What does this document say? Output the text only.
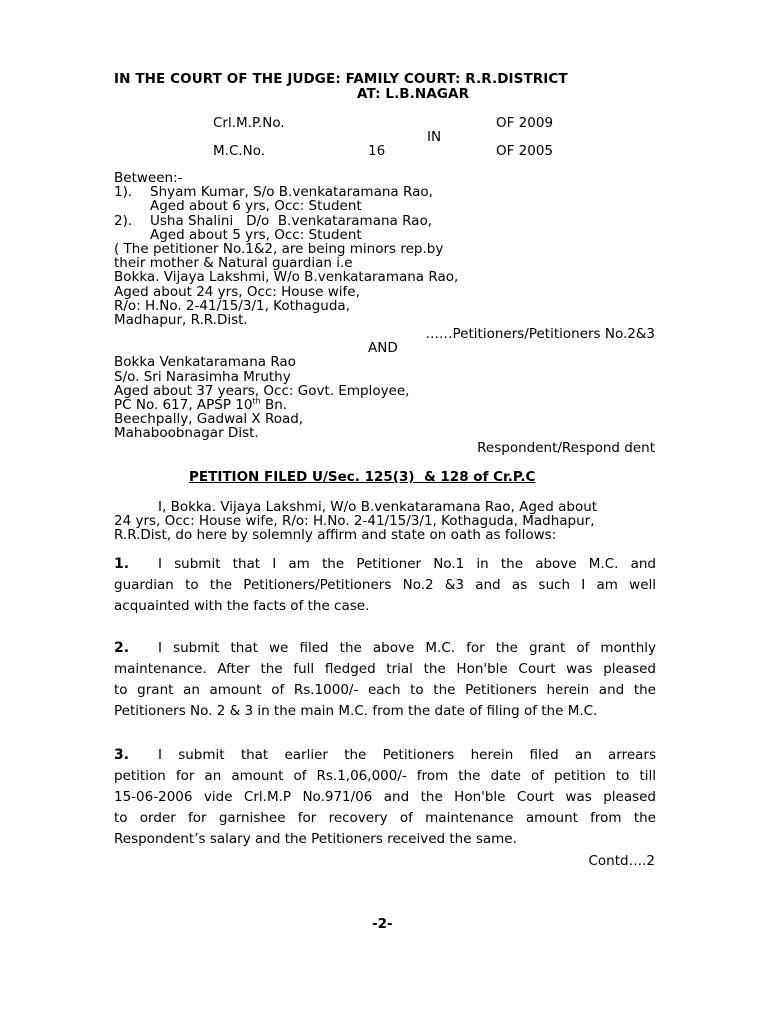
IN THE COURT OF THE JUDGE: FAMILY COURT: R.R.DISTRICT
AT: L.B.NAGAR
Crl.M.P.No.	OF 2009
IN
M.C.No.	16	OF 2005
Between:-
1). Shyam Kumar, S/o B.venkataramana Rao,
Aged about 6 yrs, Occ: Student
2). Usha Shalini   D/o  B.venkataramana Rao,
Aged about 5 yrs, Occ: Student
( The petitioner No.1&2, are being minors rep.by
their mother & Natural guardian i.e
Bokka. Vijaya Lakshmi, W/o B.venkataramana Rao,
Aged about 24 yrs, Occ: House wife,
R/o: H.No. 2-41/15/3/1, Kothaguda,
Madhapur, R.R.Dist.
……Petitioners/Petitioners No.2&3
AND
Bokka Venkataramana Rao
S/o. Sri Narasimha Mruthy
Aged about 37 years, Occ: Govt. Employee,
PC No. 617, APSP 10th Bn.
Beechpally, Gadwal X Road,
Mahaboobnagar Dist.
Respondent/Respond dent
PETITION FILED U/Sec. 125(3)  & 128 of Cr.P.C
I, Bokka. Vijaya Lakshmi, W/o B.venkataramana Rao, Aged about
24 yrs, Occ: House wife, R/o: H.No. 2-41/15/3/1, Kothaguda, Madhapur,
R.R.Dist, do here by solemnly affirm and state on oath as follows:
1. I submit that I am the Petitioner No.1 in the above M.C. and
guardian to the Petitioners/Petitioners No.2 &3 and as such I am well
acquainted with the facts of the case.
2. I submit that we filed the above M.C. for the grant of monthly
maintenance. After the full fledged trial the Hon'ble Court was pleased
to grant an amount of Rs.1000/- each to the Petitioners herein and the
Petitioners No. 2 & 3 in the main M.C. from the date of filing of the M.C.
3. I submit that earlier the Petitioners herein filed an arrears
petition for an amount of Rs.1,06,000/- from the date of petition to till
15-06-2006 vide Crl.M.P No.971/06 and the Hon'ble Court was pleased
to order for garnishee for recovery of maintenance amount from the
Respondent’s salary and the Petitioners received the same.
Contd….2
-2-
